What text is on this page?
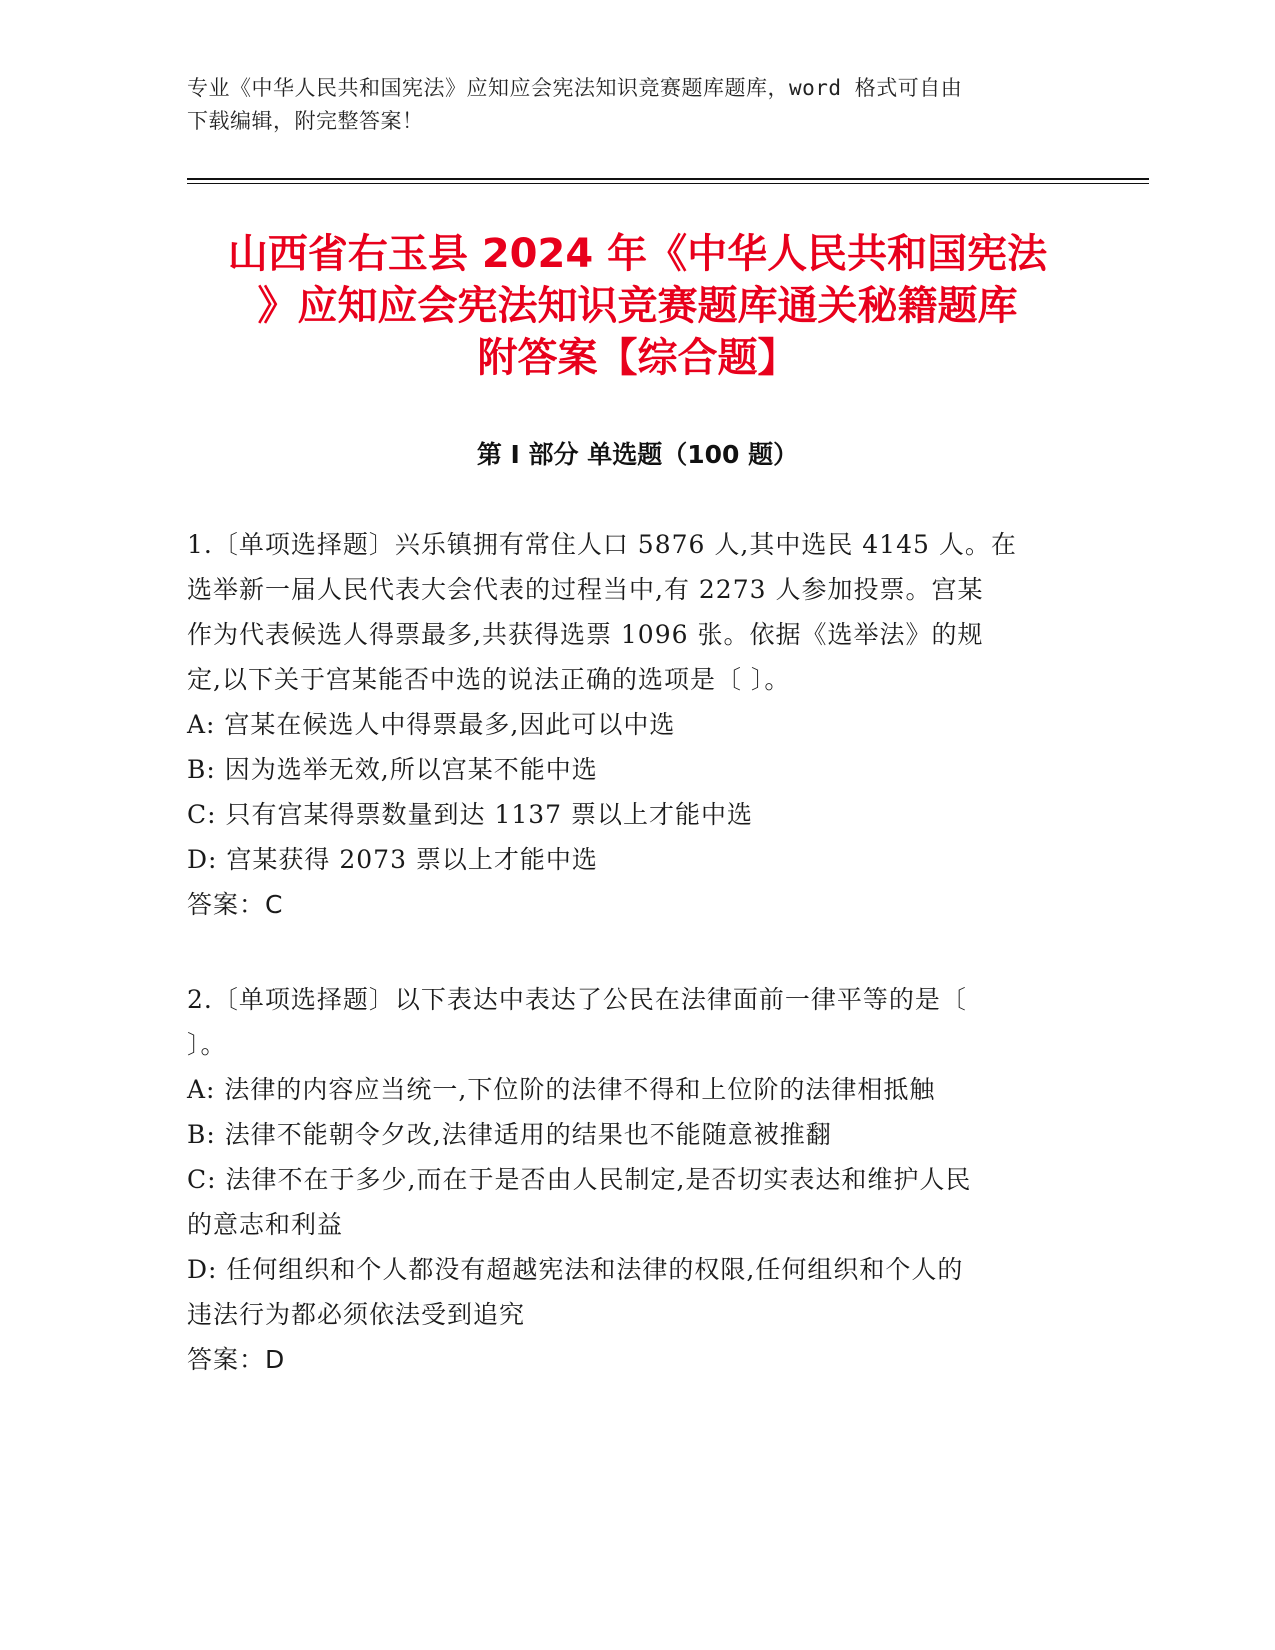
专业《中华人民共和国宪法》应知应会宪法知识竞赛题库题库，word 格式可自由
下载编辑，附完整答案！
山西省右玉县 2024 年《中华人民共和国宪法
》应知应会宪法知识竞赛题库通关秘籍题库
附答案【综合题】
第 I 部分 单选题（100 题）

1.〔单项选择题〕兴乐镇拥有常住人口 5876 人,其中选民 4145 人。在

选举新一届人民代表大会代表的过程当中,有 2273 人参加投票。宫某

作为代表候选人得票最多,共获得选票 1096 张。依据《选举法》的规

定,以下关于宫某能否中选的说法正确的选项是〔 〕。

A: 宫某在候选人中得票最多,因此可以中选

B: 因为选举无效,所以宫某不能中选

C: 只有宫某得票数量到达 1137 票以上才能中选

D: 宫某获得 2073 票以上才能中选

答案：C

2.〔单项选择题〕以下表达中表达了公民在法律面前一律平等的是〔

〕。

A: 法律的内容应当统一,下位阶的法律不得和上位阶的法律相抵触

B: 法律不能朝令夕改,法律适用的结果也不能随意被推翻

C: 法律不在于多少,而在于是否由人民制定,是否切实表达和维护人民

的意志和利益

D: 任何组织和个人都没有超越宪法和法律的权限,任何组织和个人的

违法行为都必须依法受到追究

答案：D
